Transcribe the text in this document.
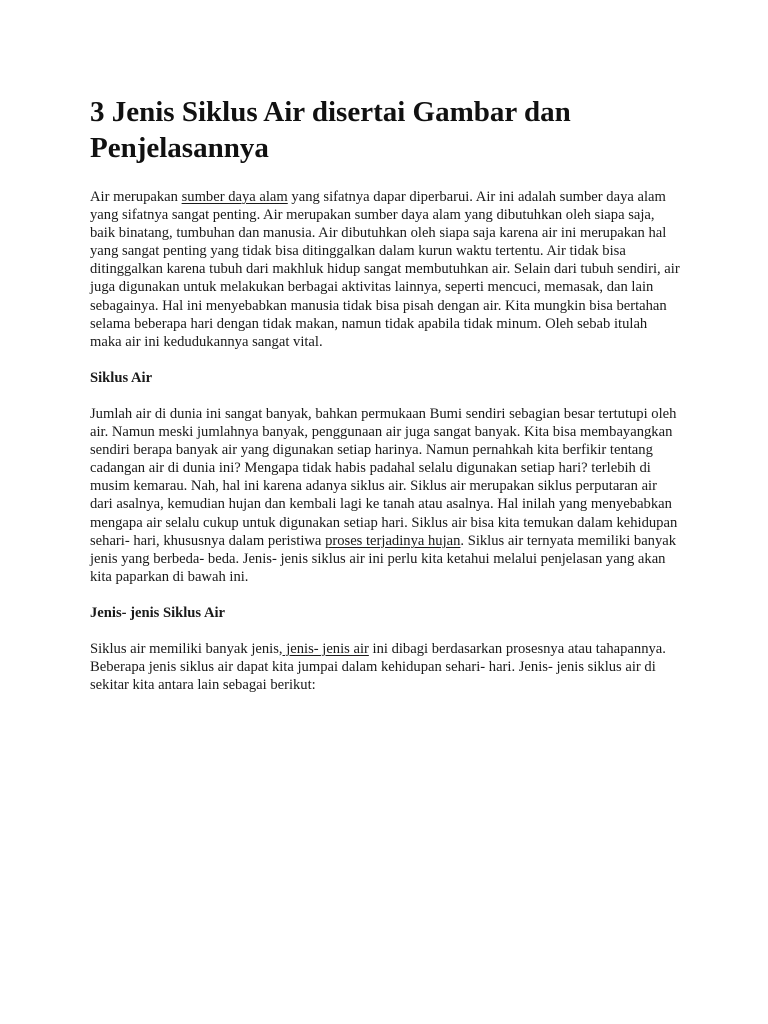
3 Jenis Siklus Air disertai Gambar dan Penjelasannya

Air merupakan sumber daya alam yang sifatnya dapar diperbarui. Air ini adalah sumber daya alam yang sifatnya sangat penting. Air merupakan sumber daya alam yang dibutuhkan oleh siapa saja, baik binatang, tumbuhan dan manusia. Air dibutuhkan oleh siapa saja karena air ini merupakan hal yang sangat penting yang tidak bisa ditinggalkan dalam kurun waktu tertentu. Air tidak bisa ditinggalkan karena tubuh dari makhluk hidup sangat membutuhkan air. Selain dari tubuh sendiri, air juga digunakan untuk melakukan berbagai aktivitas lainnya, seperti mencuci, memasak, dan lain sebagainya. Hal ini menyebabkan manusia tidak bisa pisah dengan air. Kita mungkin bisa bertahan selama beberapa hari dengan tidak makan, namun tidak apabila tidak minum. Oleh sebab itulah maka air ini kedudukannya sangat vital.

Siklus Air

Jumlah air di dunia ini sangat banyak, bahkan permukaan Bumi sendiri sebagian besar tertutupi oleh air. Namun meski jumlahnya banyak, penggunaan air juga sangat banyak. Kita bisa membayangkan sendiri berapa banyak air yang digunakan setiap harinya. Namun pernahkah kita berfikir tentang cadangan air di dunia ini? Mengapa tidak habis padahal selalu digunakan setiap hari? terlebih di musim kemarau. Nah, hal ini karena adanya siklus air. Siklus air merupakan siklus perputaran air dari asalnya, kemudian hujan dan kembali lagi ke tanah atau asalnya. Hal inilah yang menyebabkan mengapa air selalu cukup untuk digunakan setiap hari. Siklus air bisa kita temukan dalam kehidupan sehari- hari, khususnya dalam peristiwa proses terjadinya hujan. Siklus air ternyata memiliki banyak jenis yang berbeda- beda. Jenis- jenis siklus air ini perlu kita ketahui melalui penjelasan yang akan kita paparkan di bawah ini.

Jenis- jenis Siklus Air

Siklus air memiliki banyak jenis, jenis- jenis air ini dibagi berdasarkan prosesnya atau tahapannya. Beberapa jenis siklus air dapat kita jumpai dalam kehidupan sehari- hari. Jenis- jenis siklus air di sekitar kita antara lain sebagai berikut:
